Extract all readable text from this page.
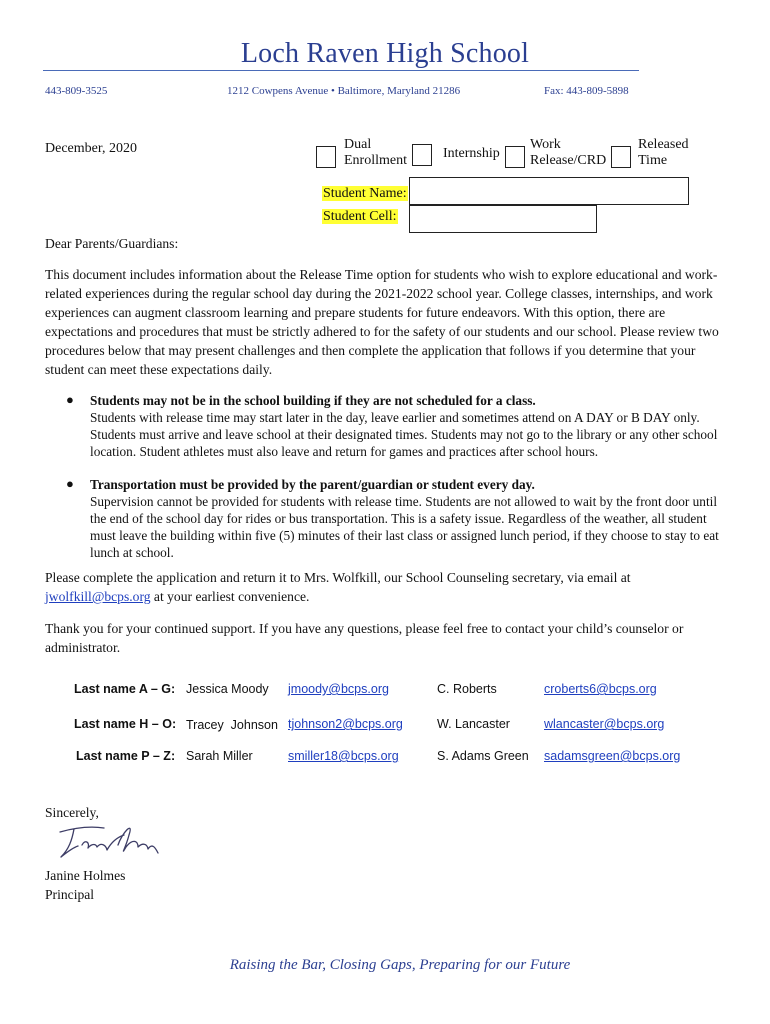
Loch Raven High School
443-809-3525	1212 Cowpens Avenue • Baltimore, Maryland 21286	Fax: 443-809-5898
December, 2020	Dual
Enrollment	Internship
Work
Release/CRD
Released
Time
Student Name:
Student Cell:
Dear Parents/Guardians:
This document includes information about the Release Time option for students who wish to explore educational and work-related experiences during the regular school day during the 2021-2022 school year. College classes, internships, and work experiences can augment classroom learning and prepare students for future endeavors. With this option, there are expectations and procedures that must be strictly adhered to for the safety of our students and our school. Please review two procedures below that may present challenges and then complete the application that follows if you determine that your student can meet these expectations daily.
● Students may not be in the school building if they are not scheduled for a class.
Students with release time may start later in the day, leave earlier and sometimes attend on A DAY or B DAY only. Students must arrive and leave school at their designated times. Students may not go to the library or any other school location. Student athletes must also leave and return for games and practices after school hours.
● Transportation must be provided by the parent/guardian or student every day.
Supervision cannot be provided for students with release time. Students are not allowed to wait by the front door until the end of the school day for rides or bus transportation. This is a safety issue. Regardless of the weather, all student must leave the building within five (5) minutes of their last class or assigned lunch period, if they choose to stay to eat lunch at school.
Please complete the application and return it to Mrs. Wolfkill, our School Counseling secretary, via email at jwolfkill@bcps.org at your earliest convenience.
Thank you for your continued support. If you have any questions, please feel free to contact your child’s counselor or administrator.
Last name A – G: Jessica Moody jmoody@bcps.org	C. Roberts	croberts6@bcps.org
Last name H – O: Tracey  Johnson tjohnson2@bcps.org	W. Lancaster	wlancaster@bcps.org
Last name P – Z: Sarah Miller	smiller18@bcps.org	S. Adams Green sadamsgreen@bcps.org
Sincerely,
Janine Holmes
Principal
Raising the Bar, Closing Gaps, Preparing for our Future
